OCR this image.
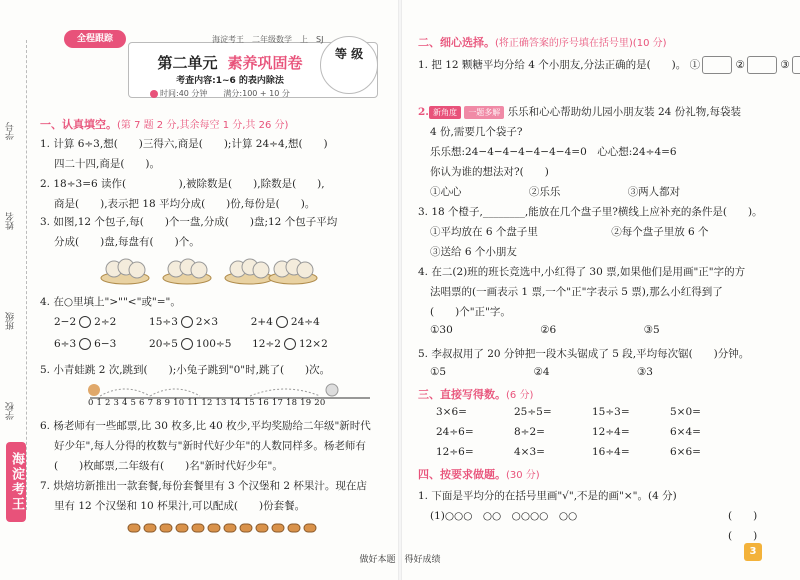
学号
姓名
班级
学校
海淀考王
全程跟踪	海淀考王　二年级数学　上　SJ
第二单元 素养巩固卷
考查内容:1~6 的表内除法
时间:40 分钟　　满分:100 + 10 分
等 级
一、认真填空。(第 7 题 2 分,其余每空 1 分,共 26 分)
1. 计算 6÷3,想(　　)三得六,商是(　　);计算 24÷4,想(　　)
四二十四,商是(　　)。
2. 18÷3=6 读作(　　　　　),被除数是(　　),除数是(　　),
商是(　　),表示把 18 平均分成(　　)份,每份是(　　)。
3. 如图,12 个包子,每(　　)个一盘,分成(　　)盘;12 个包子平均
分成(　　)盘,每盘有(　　)个。
4. 在○里填上">""<"或"="。
2−2 2÷2	15÷3 2×3	2+4 24÷4
6÷3 6−3	20÷5 100÷5 12÷2 12×2
5. 小青蛙跳 2 次,跳到(　　);小兔子跳到"0"时,跳了(　　)次。
0 1 2 3 4 5 6 7 8 9 10 11 12 13 14 15 16 17 18 19 20
6. 杨老师有一些邮票,比 30 枚多,比 40 枚少,平均奖励给二年级"新时代
好少年",每人分得的枚数与"新时代好少年"的人数同样多。杨老师有
(　　)枚邮票,二年级有(　　)名"新时代好少年"。
7. 烘焙坊新推出一款套餐,每份套餐里有 3 个汉堡和 2 杯果汁。现在店
里有 12 个汉堡和 10 杯果汁,可以配成(　　)份套餐。
二、细心选择。(将正确答案的序号填在括号里)(10 分)
1. 把 12 颗糖平均分给 4 个小朋友,分法正确的是(　　)。 ①	②	③
2. 新角度 一题多解 乐乐和心心帮助幼儿园小朋友装 24 份礼物,每袋装
4 份,需要几个袋子?
乐乐想:24−4−4−4−4−4−4=0　心心想:24÷4=6
你认为谁的想法对?(　　)
①心心	②乐乐	③两人都对
3. 18 个橙子,________,能放在几个盘子里?横线上应补充的条件是(　　)。
①平均放在 6 个盘子里	②每个盘子里放 6 个
③送给 6 个小朋友
4. 在二(2)班的班长竞选中,小红得了 30 票,如果他们是用画"正"字的方
法唱票的(一画表示 1 票,一个"正"字表示 5 票),那么小红得到了
(　　)个"正"字。
①30	②6	③5
5. 李叔叔用了 20 分钟把一段木头锯成了 5 段,平均每次锯(　　)分钟。
①5	②4	③3
三、直接写得数。(6 分)
3×6=	25÷5=	15÷3=	5×0=
24÷6=	8÷2=	12÷4=	6×4=
12÷6=	4×3=	16÷4=	6×6=
四、按要求做题。(30 分)
1. 下面是平均分的在括号里画"√",不是的画"×"。(4 分)
(1)○○○　○○　○○○○　○○	(　　)
(　　)
做好本题　得好成绩
3
